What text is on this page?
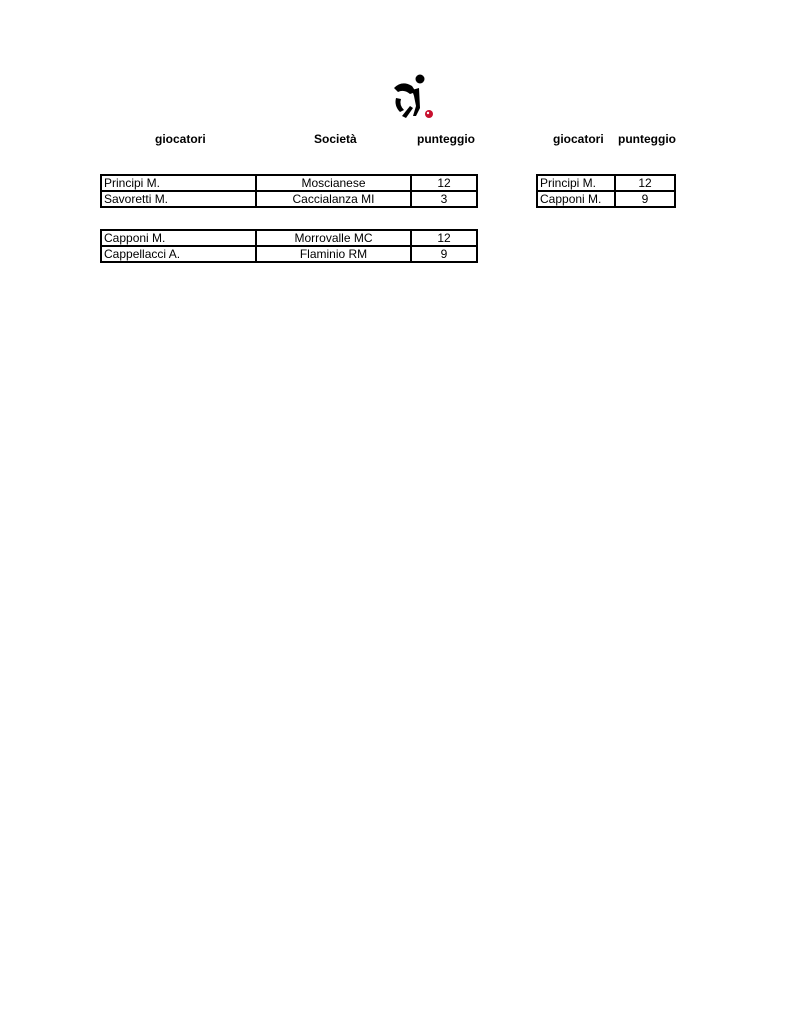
giocatori	Società	punteggio	giocatori punteggio
Principi M.	Moscianese	12
Savoretti M.	Caccialanza MI	3
Capponi M.	Morrovalle MC	12
Cappellacci A.	Flaminio RM	9
Principi M.	12
Capponi M.	9
